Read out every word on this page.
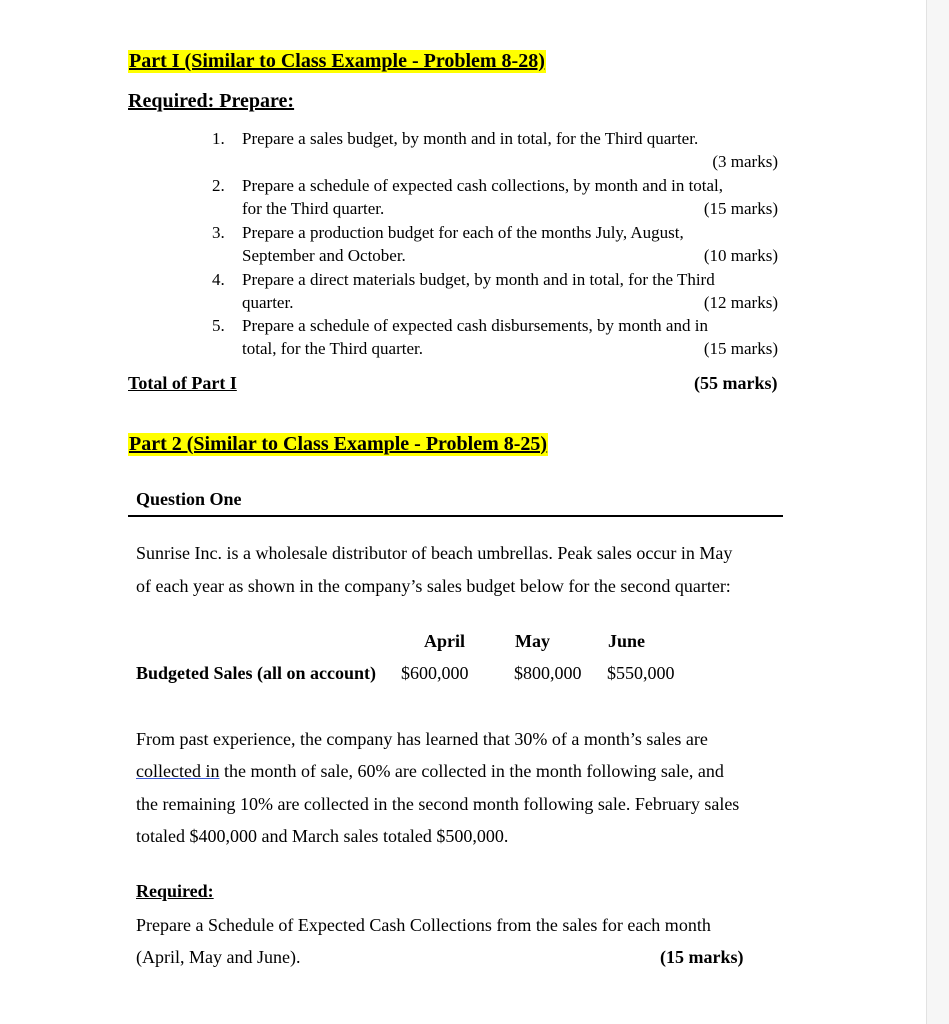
Part I (Similar to Class Example - Problem 8-28)
Required: Prepare:
1. Prepare a sales budget, by month and in total, for the Third quarter.
(3 marks)
2. Prepare a schedule of expected cash collections, by month and in total,
for the Third quarter.	(15 marks)
3. Prepare a production budget for each of the months July, August,
September and October.	(10 marks)
4. Prepare a direct materials budget, by month and in total, for the Third
quarter.	(12 marks)
5. Prepare a schedule of expected cash disbursements, by month and in
total, for the Third quarter.	(15 marks)
Total of Part I	(55 marks)
Part 2 (Similar to Class Example - Problem 8-25)
Question One
Sunrise Inc. is a wholesale distributor of beach umbrellas. Peak sales occur in May
of each year as shown in the company’s sales budget below for the second quarter:
April	May	June
Budgeted Sales (all on account) $600,000	$800,000 $550,000
From past experience, the company has learned that 30% of a month’s sales are
collected in the month of sale, 60% are collected in the month following sale, and
the remaining 10% are collected in the second month following sale. February sales
totaled $400,000 and March sales totaled $500,000.
Required:
Prepare a Schedule of Expected Cash Collections from the sales for each month
(April, May and June).	(15 marks)
